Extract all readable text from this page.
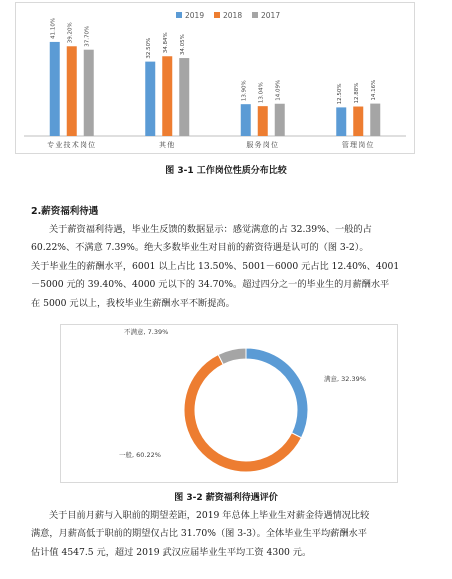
2019	2018	2017
41.10% 39.20% 37.70%
专业技术岗位
32.50% 34.84% 34.05%
其他
13.90% 13.04% 14.09%
服务岗位
12.50% 12.88% 14.16%
管理岗位
图 3-1 工作岗位性质分布比较
2.薪资福利待遇

关于薪资福利待遇，毕业生反馈的数据显示：感觉满意的占 32.39%、一般的占
60.22%、不满意 7.39%。绝大多数毕业生对目前的薪资待遇是认可的（图 3-2）。
关于毕业生的薪酬水平，6001 以上占比 13.50%、5001－6000 元占比 12.40%、4001
－5000 元的 39.40%、4000 元以下的 34.70%。超过四分之一的毕业生的月薪酬水平
在 5000 元以上，我校毕业生薪酬水平不断提高。

满意, 32.39%
一般, 60.22%
不满意, 7.39%
图 3-2 薪资福利待遇评价

关于目前月薪与入职前的期望差距，2019 年总体上毕业生对薪金待遇情况比较
满意，月薪高低于职前的期望仅占比 31.70%（图 3-3）。全体毕业生平均薪酬水平
估计值 4547.5 元，超过 2019 武汉应届毕业生平均工资 4300 元。
